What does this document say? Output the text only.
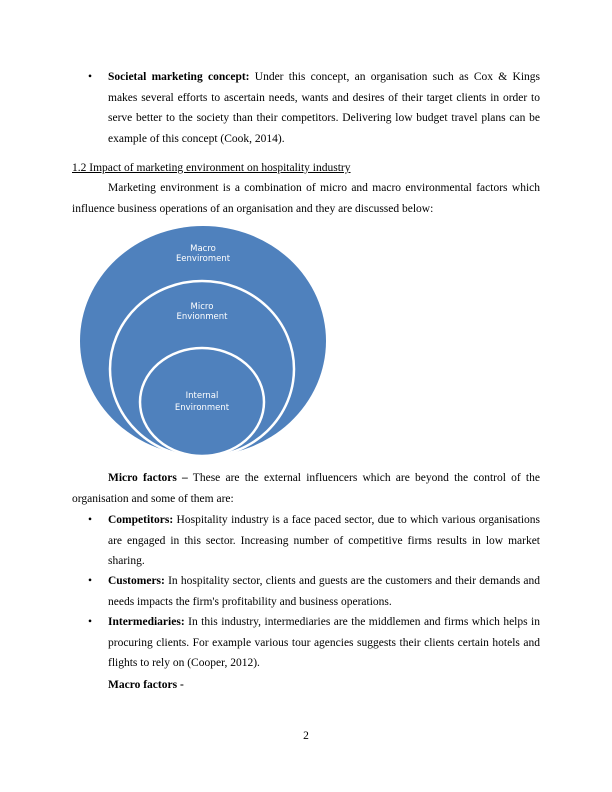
• Societal marketing concept: Under this concept, an organisation such as Cox & Kings makes several efforts to ascertain needs, wants and desires of their target clients in order to serve better to the society than their competitors. Delivering low budget travel plans can be example of this concept (Cook, 2014).
1.2 Impact of marketing environment on hospitality industry
Marketing environment is a combination of micro and macro environmental factors which influence business operations of an organisation and they are discussed below:
Macro
Eenviroment
Micro
Envionment
Internal
Environment
Micro factors – These are the external influencers which are beyond the control of the organisation and some of them are:
• Competitors: Hospitality industry is a face paced sector, due to which various organisations are engaged in this sector. Increasing number of competitive firms results in low market sharing.
• Customers: In hospitality sector, clients and guests are the customers and their demands and needs impacts the firm's profitability and business operations.
• Intermediaries: In this industry, intermediaries are the middlemen and firms which helps in procuring clients. For example various tour agencies suggests their clients certain hotels and flights to rely on (Cooper, 2012).
Macro factors -
2
